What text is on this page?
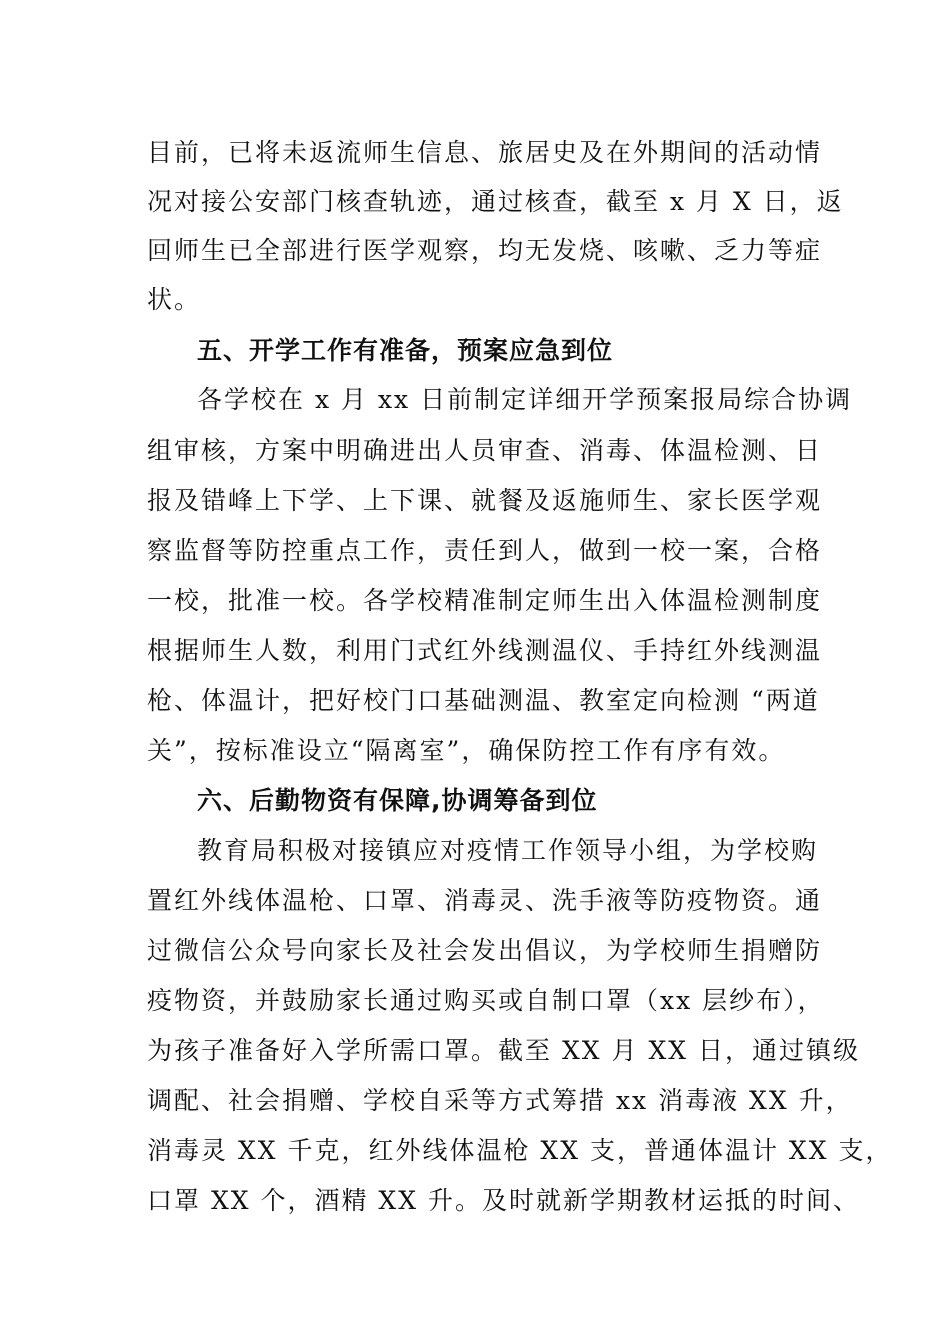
目前，已将未返流师生信息、旅居史及在外期间的活动情
况对接公安部门核查轨迹，通过核查，截至 x 月 X 日，返
回师生已全部进行医学观察，均无发烧、咳嗽、乏力等症
状。
五、开学工作有准备，预案应急到位
各学校在 x 月 xx 日前制定详细开学预案报局综合协调
组审核，方案中明确进出人员审查、消毒、体温检测、日
报及错峰上下学、上下课、就餐及返施师生、家长医学观
察监督等防控重点工作，责任到人，做到一校一案，合格
一校，批准一校。各学校精准制定师生出入体温检测制度
根据师生人数，利用门式红外线测温仪、手持红外线测温
枪、体温计，把好校门口基础测温、教室定向检测 “两道
关”，按标准设立“隔离室”，确保防控工作有序有效。
六、后勤物资有保障,协调筹备到位
教育局积极对接镇应对疫情工作领导小组，为学校购
置红外线体温枪、口罩、消毒灵、洗手液等防疫物资。通
过微信公众号向家长及社会发出倡议，为学校师生捐赠防
疫物资，并鼓励家长通过购买或自制口罩（xx 层纱布），
为孩子准备好入学所需口罩。截至 XX 月 XX 日，通过镇级
调配、社会捐赠、学校自采等方式筹措 xx 消毒液 XX 升，
消毒灵 XX 千克，红外线体温枪 XX 支，普通体温计 XX 支，
口罩 XX 个，酒精 XX 升。及时就新学期教材运抵的时间、
